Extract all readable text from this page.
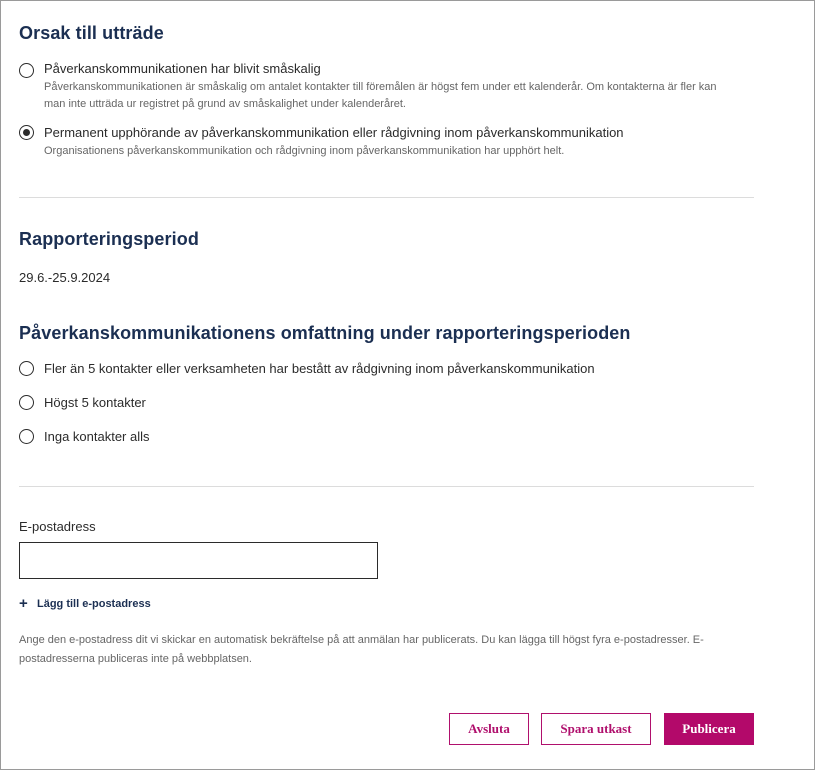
Orsak till utträde
Påverkanskommunikationen har blivit småskalig
Påverkanskommunikationen är småskalig om antalet kontakter till föremålen är högst fem under ett kalenderår. Om kontakterna är fler kan
man inte utträda ur registret på grund av småskalighet under kalenderåret.
Permanent upphörande av påverkanskommunikation eller rådgivning inom påverkanskommunikation
Organisationens påverkanskommunikation och rådgivning inom påverkanskommunikation har upphört helt.
Rapporteringsperiod
29.6.-25.9.2024
Påverkanskommunikationens omfattning under rapporteringsperioden
Fler än 5 kontakter eller verksamheten har bestått av rådgivning inom påverkanskommunikation
Högst 5 kontakter
Inga kontakter alls
E-postadress
+ Lägg till e-postadress
Ange den e-postadress dit vi skickar en automatisk bekräftelse på att anmälan har publicerats. Du kan lägga till högst fyra e-postadresser. E-
postadresserna publiceras inte på webbplatsen.
Avsluta	Spara utkast	Publicera
